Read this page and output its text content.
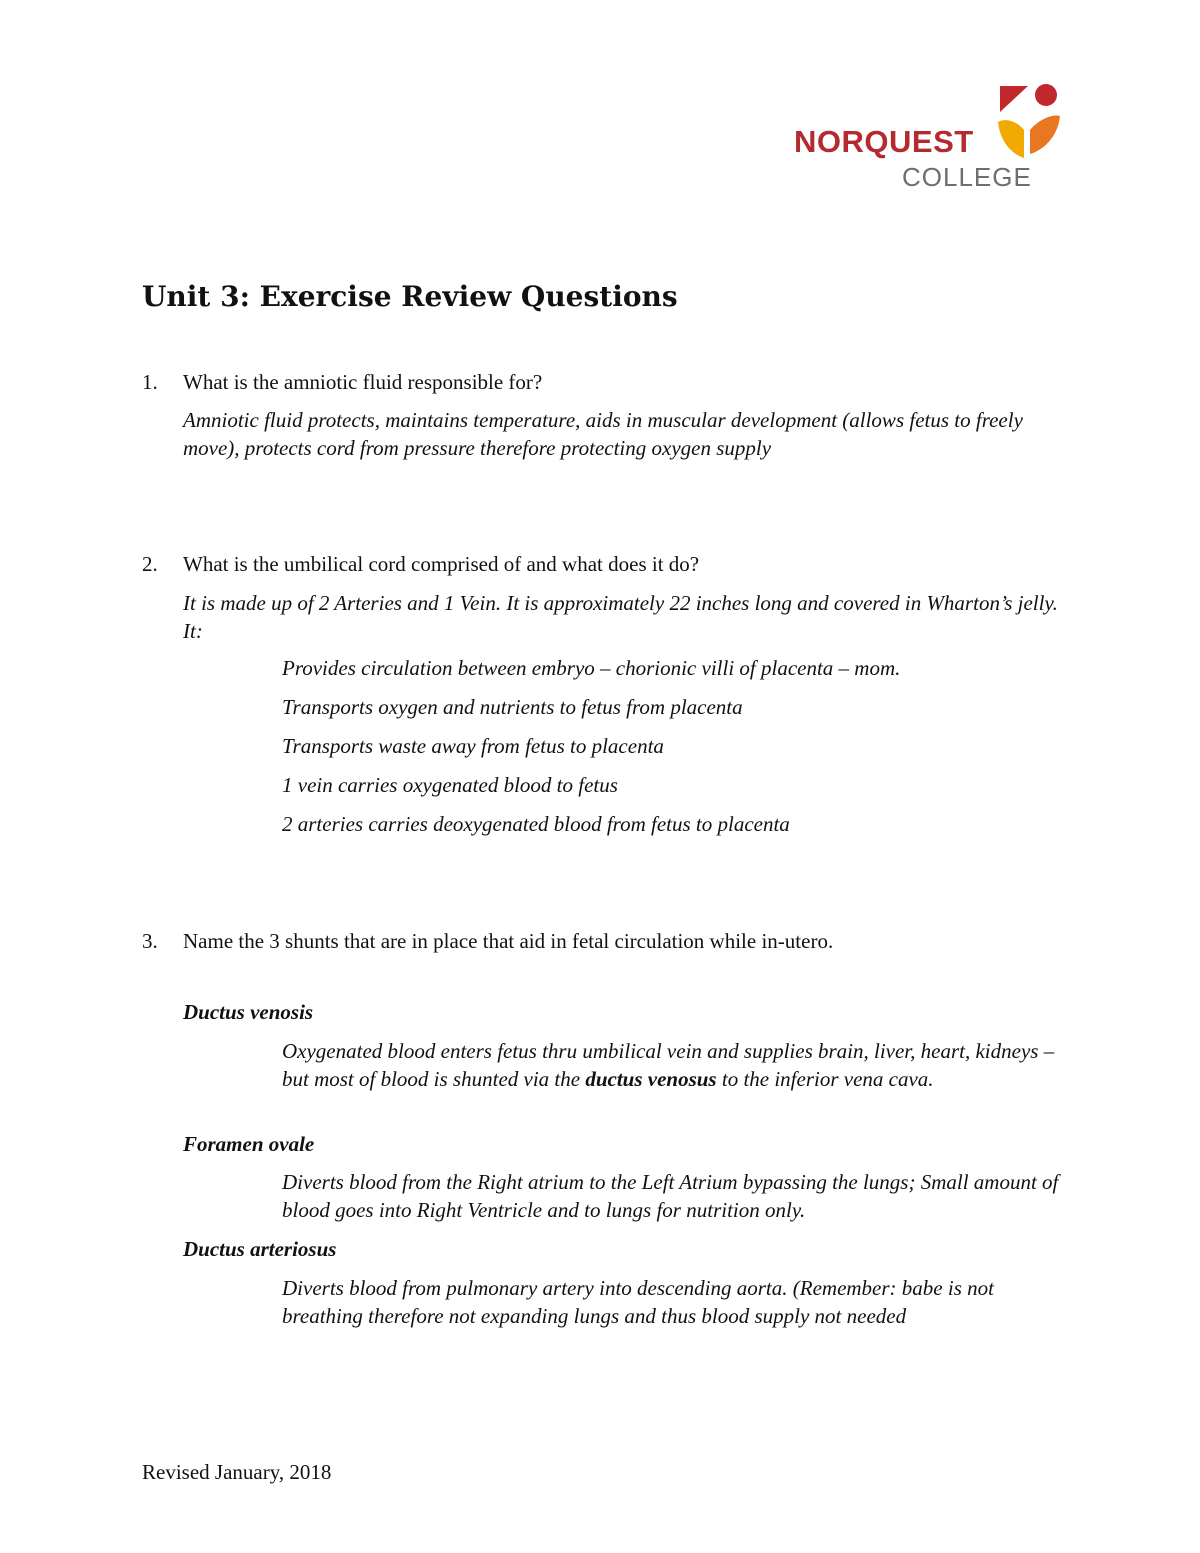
NORQUEST
COLLEGE
Unit 3: Exercise Review Questions
1. What is the amniotic fluid responsible for?
Amniotic fluid protects, maintains temperature, aids in muscular development (allows fetus to freely move), protects cord from pressure therefore protecting oxygen supply
2. What is the umbilical cord comprised of and what does it do?
It is made up of 2 Arteries and 1 Vein. It is approximately 22 inches long and covered in Wharton’s jelly. It:
Provides circulation between embryo – chorionic villi of placenta – mom.
Transports oxygen and nutrients to fetus from placenta
Transports waste away from fetus to placenta
1 vein carries oxygenated blood to fetus
2 arteries carries deoxygenated blood from fetus to placenta
3. Name the 3 shunts that are in place that aid in fetal circulation while in-utero.
Ductus venosis
Oxygenated blood enters fetus thru umbilical vein and supplies brain, liver, heart, kidneys – but most of blood is shunted via the ductus venosus to the inferior vena cava.
Foramen ovale
Diverts blood from the Right atrium to the Left Atrium bypassing the lungs; Small amount of blood goes into Right Ventricle and to lungs for nutrition only.
Ductus arteriosus
Diverts blood from pulmonary artery into descending aorta. (Remember: babe is not breathing therefore not expanding lungs and thus blood supply not needed
Revised January, 2018
